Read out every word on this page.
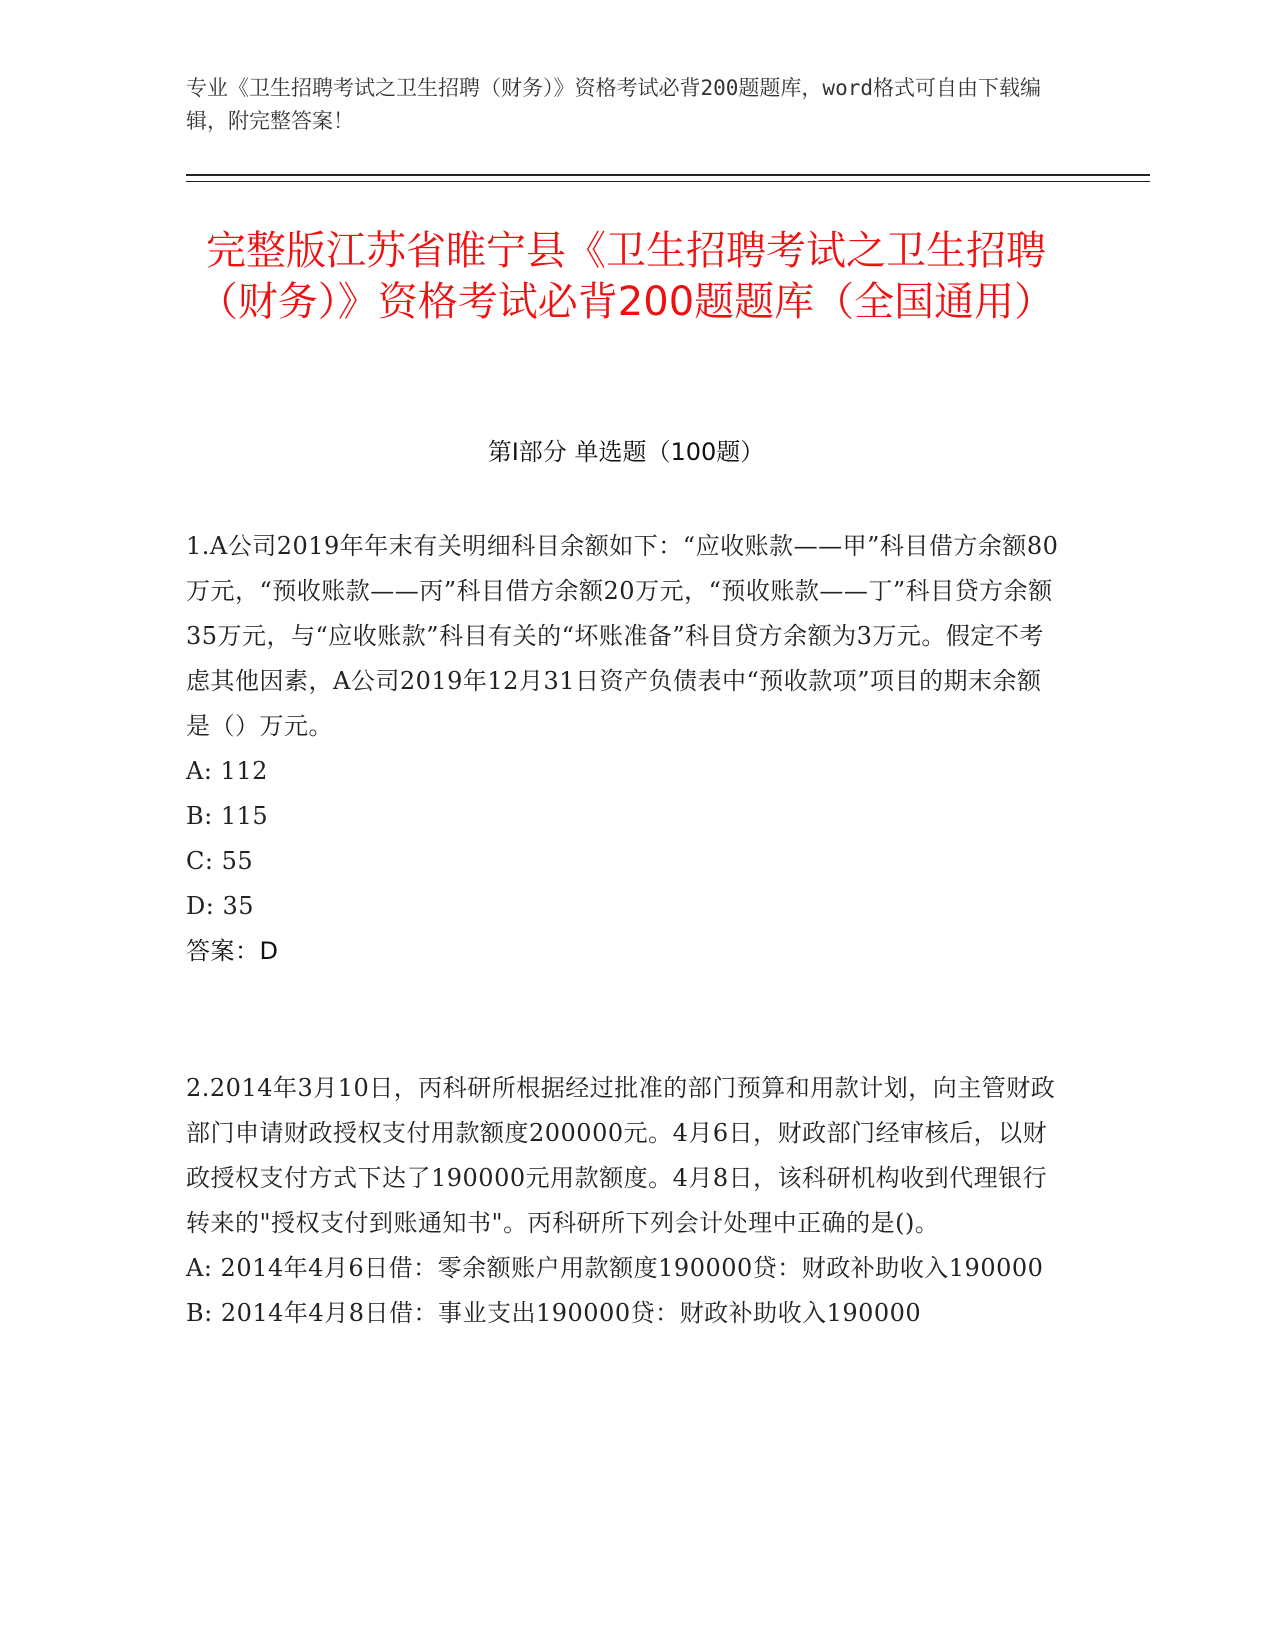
专业《卫生招聘考试之卫生招聘（财务）》资格考试必背200题题库，word格式可自由下载编辑，附完整答案！
完整版江苏省睢宁县《卫生招聘考试之卫生招聘（财务）》资格考试必背200题题库（全国通用）
第Ⅰ部分 单选题（100题）

1.A公司2019年年末有关明细科目余额如下：“应收账款——甲”科目借方余额80万元，“预收账款——丙”科目借方余额20万元，“预收账款——丁”科目贷方余额35万元，与“应收账款”科目有关的“坏账准备”科目贷方余额为3万元。假定不考虑其他因素，A公司2019年12月31日资产负债表中“预收款项”项目的期末余额是（）万元。

A: 112

B: 115

C: 55

D: 35

答案：D

2.2014年3月10日，丙科研所根据经过批准的部门预算和用款计划，向主管财政部门申请财政授权支付用款额度200000元。4月6日，财政部门经审核后，以财政授权支付方式下达了190000元用款额度。4月8日，该科研机构收到代理银行转来的"授权支付到账通知书"。丙科研所下列会计处理中正确的是()。

A: 2014年4月6日借：零余额账户用款额度190000贷：财政补助收入190000

B: 2014年4月8日借：事业支出190000贷：财政补助收入190000
